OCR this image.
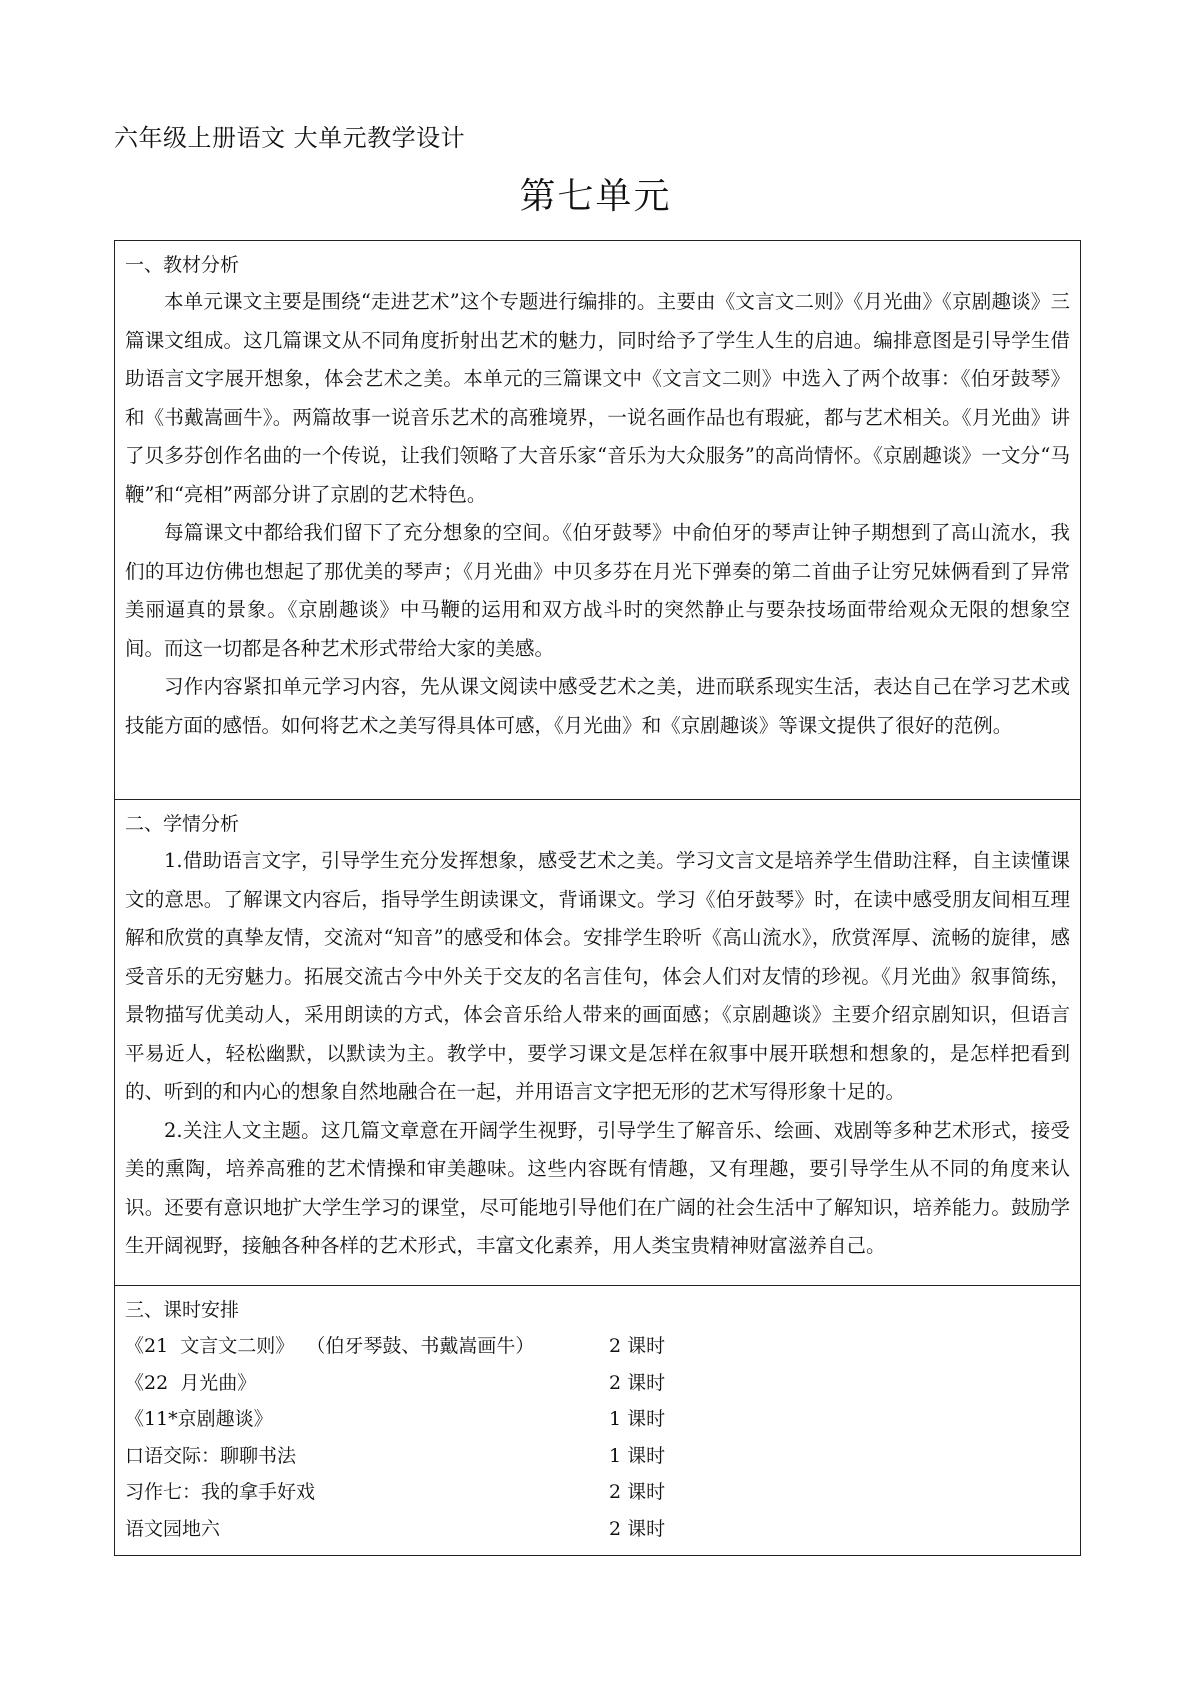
六年级上册语文 大单元教学设计
第七单元
一、教材分析

本单元课文主要是围绕“走进艺术”这个专题进行编排的。主要由《文言文二则》《月光曲》《京剧趣谈》三篇课文组成。这几篇课文从不同角度折射出艺术的魅力，同时给予了学生人生的启迪。编排意图是引导学生借助语言文字展开想象，体会艺术之美。本单元的三篇课文中《文言文二则》中选入了两个故事：《伯牙鼓琴》和《书戴嵩画牛》。两篇故事一说音乐艺术的高雅境界，一说名画作品也有瑕疵，都与艺术相关。《月光曲》讲了贝多芬创作名曲的一个传说，让我们领略了大音乐家“音乐为大众服务”的高尚情怀。《京剧趣谈》一文分“马鞭”和“亮相”两部分讲了京剧的艺术特色。

每篇课文中都给我们留下了充分想象的空间。《伯牙鼓琴》中俞伯牙的琴声让钟子期想到了高山流水，我们的耳边仿佛也想起了那优美的琴声；《月光曲》中贝多芬在月光下弹奏的第二首曲子让穷兄妹俩看到了异常美丽逼真的景象。《京剧趣谈》中马鞭的运用和双方战斗时的突然静止与要杂技场面带给观众无限的想象空间。而这一切都是各种艺术形式带给大家的美感。

习作内容紧扣单元学习内容，先从课文阅读中感受艺术之美，进而联系现实生活，表达自己在学习艺术或技能方面的感悟。如何将艺术之美写得具体可感，《月光曲》和《京剧趣谈》等课文提供了很好的范例。

二、学情分析

1.借助语言文字，引导学生充分发挥想象，感受艺术之美。学习文言文是培养学生借助注释，自主读懂课文的意思。了解课文内容后，指导学生朗读课文，背诵课文。学习《伯牙鼓琴》时，在读中感受朋友间相互理解和欣赏的真挚友情，交流对“知音”的感受和体会。安排学生聆听《高山流水》，欣赏浑厚、流畅的旋律，感受音乐的无穷魅力。拓展交流古今中外关于交友的名言佳句，体会人们对友情的珍视。《月光曲》叙事简练，景物描写优美动人，采用朗读的方式，体会音乐给人带来的画面感；《京剧趣谈》主要介绍京剧知识，但语言平易近人，轻松幽默，以默读为主。教学中，要学习课文是怎样在叙事中展开联想和想象的，是怎样把看到的、听到的和内心的想象自然地融合在一起，并用语言文字把无形的艺术写得形象十足的。

2.关注人文主题。这几篇文章意在开阔学生视野，引导学生了解音乐、绘画、戏剧等多种艺术形式，接受美的熏陶，培养高雅的艺术情操和审美趣味。这些内容既有情趣，又有理趣，要引导学生从不同的角度来认识。还要有意识地扩大学生学习的课堂，尽可能地引导他们在广阔的社会生活中了解知识，培养能力。鼓励学生开阔视野，接触各种各样的艺术形式，丰富文化素养，用人类宝贵精神财富滋养自己。

三、课时安排
《21  文言文二则》  （伯牙琴鼓、书戴嵩画牛）	2 课时
《22  月光曲》	2 课时
《11*京剧趣谈》	1 课时
口语交际：聊聊书法	1 课时
习作七：我的拿手好戏	2 课时
语文园地六	2 课时
